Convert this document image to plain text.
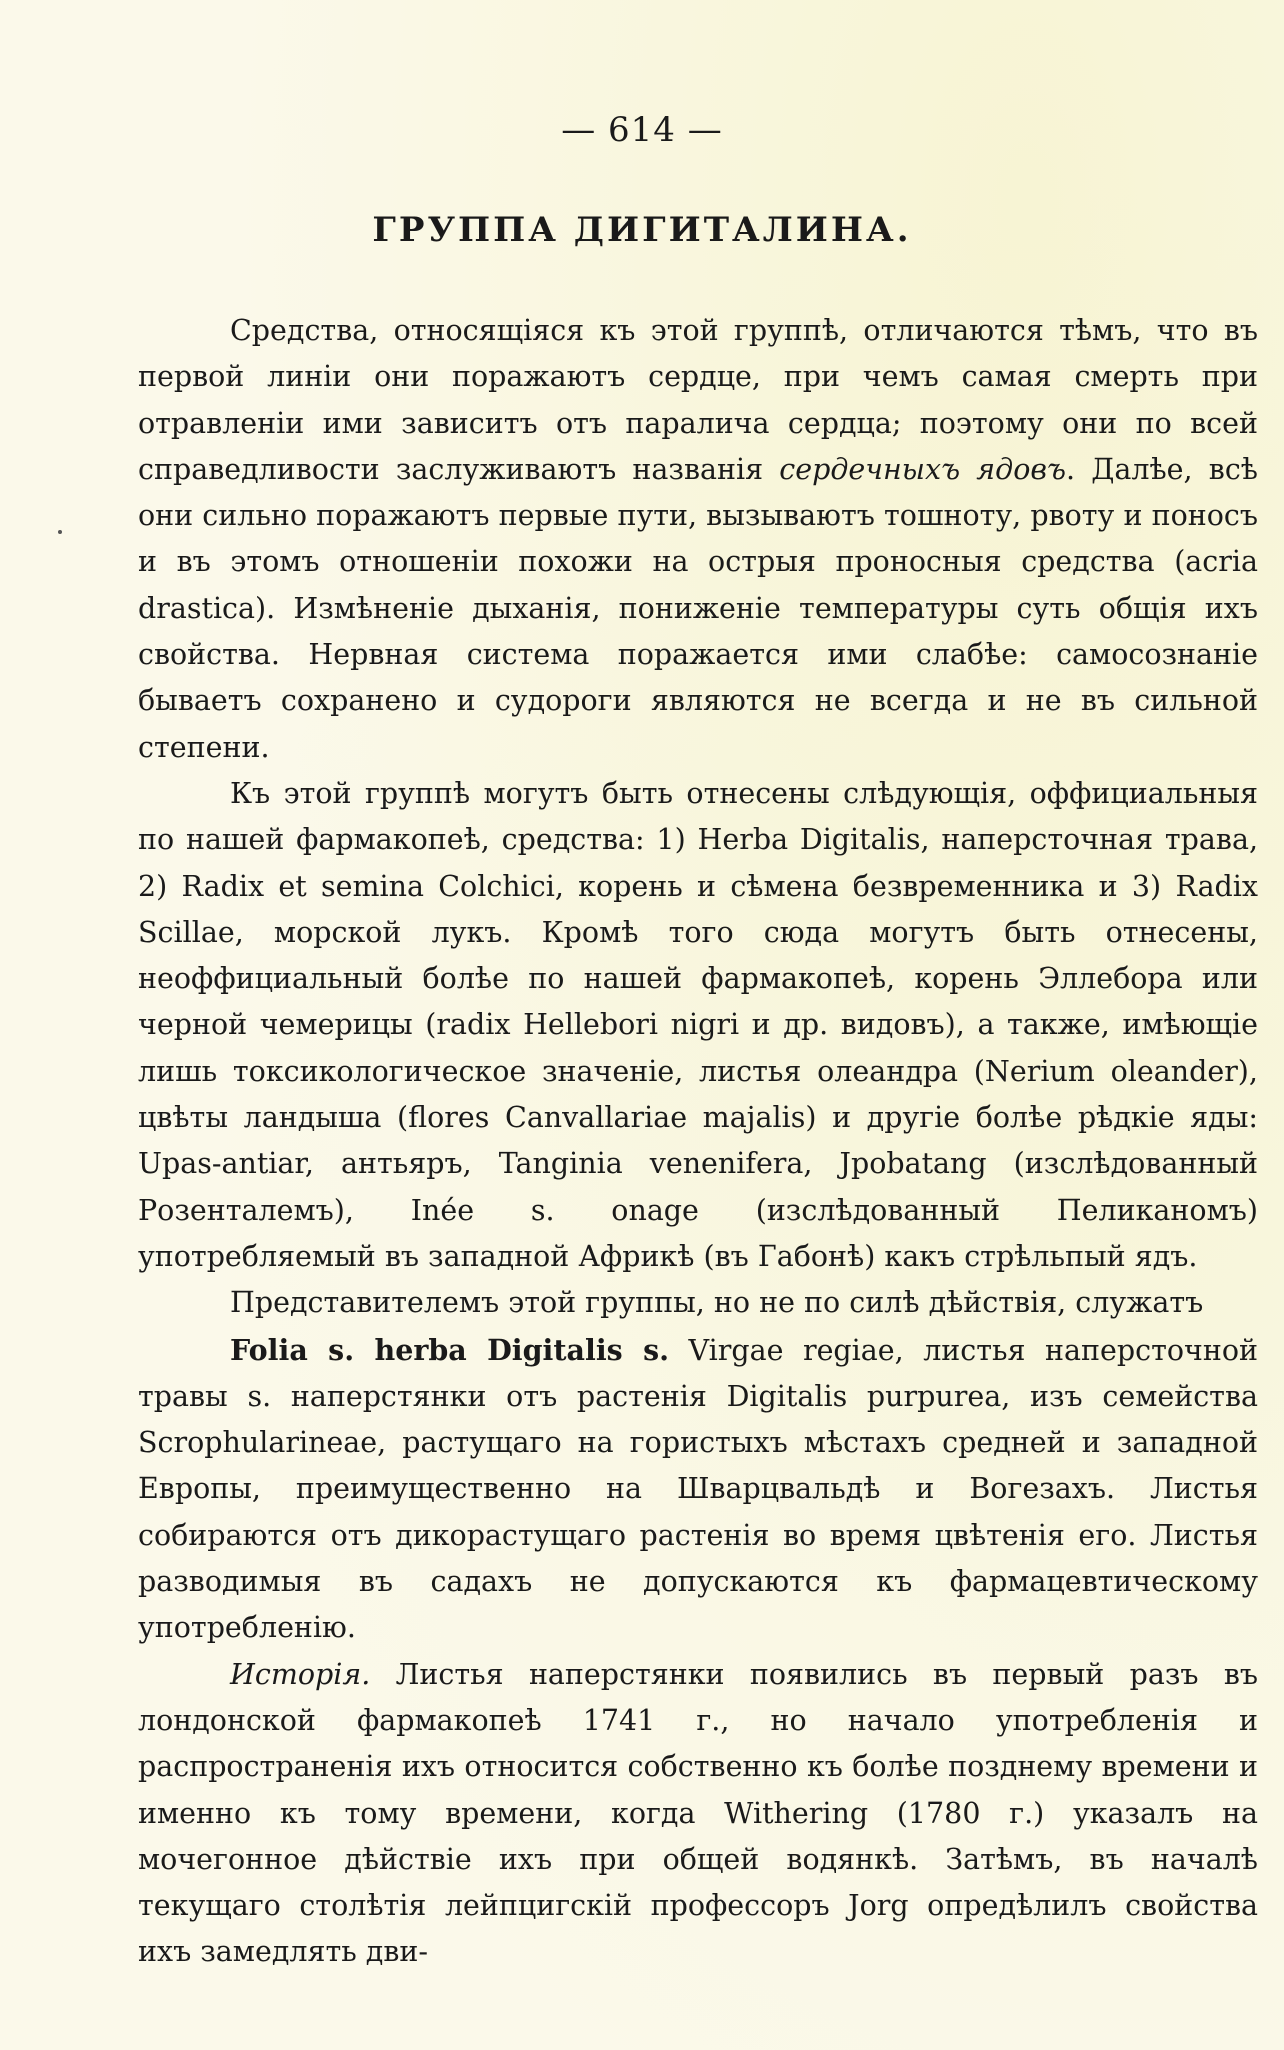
— 614 —
ГРУППА ДИГИТАЛИНА.

Средства, относящіяся къ этой группѣ, отличаются тѣмъ, что въ первой линіи они поражаютъ сердце, при чемъ самая смерть при отравленіи ими зависитъ отъ паралича сердца; поэтому они по всей справедливости заслуживаютъ названія сердечныхъ ядовъ. Далѣе, всѣ они сильно поражаютъ первые пути, вызываютъ тошноту, рвоту и поносъ и въ этомъ отношеніи похожи на острыя проносныя средства (acria drastica). Измѣненіе дыханія, пониженіе температуры суть общія ихъ свойства. Нервная система поражается ими слабѣе: самосознаніе бываетъ сохранено и судороги являются не всегда и не въ сильной степени.

Къ этой группѣ могутъ быть отнесены слѣдующія, оффициальныя по нашей фармакопеѣ, средства: 1) Herba Digitalis, наперсточная трава, 2) Radix et semina Colchici, корень и сѣмена безвременника и 3) Radix Scillae, морской лукъ. Кромѣ того сюда могутъ быть отнесены, неоффициальный болѣе по нашей фармакопеѣ, корень Эллебора или черной чемерицы (radix Hellebori nigri и др. видовъ), а также, имѣющіе лишь токсикологическое значеніе, листья олеандра (Nerium oleander), цвѣты ландыша (flores Canvallariae majalis) и другіе болѣе рѣдкіе яды: Upas-antiar, антьяръ, Tanginia venenifera, Jpobatang (изслѣдованный Розенталемъ), Inée s. onage (изслѣдованный Пеликаномъ) употребляемый въ западной Африкѣ (въ Габонѣ) какъ стрѣльпый ядъ.

Представителемъ этой группы, но не по силѣ дѣйствія, служатъ

Folia s. herba Digitalis s. Virgae regiae, листья наперсточной травы s. наперстянки отъ растенія Digitalis purpurea, изъ семейства Scrophularineae, растущаго на гористыхъ мѣстахъ средней и западной Европы, преимущественно на Шварцвальдѣ и Вогезахъ. Листья собираются отъ дикорастущаго растенія во время цвѣтенія его. Листья разводимыя въ садахъ не допускаются къ фармацевтическому употребленію.

Исторія. Листья наперстянки появились въ первый разъ въ лондонской фармакопеѣ 1741 г., но начало употребленія и распространенія ихъ относится собственно къ болѣе позднему времени и именно къ тому времени, когда Withering (1780 г.) указалъ на мочегонное дѣйствіе ихъ при общей водянкѣ. Затѣмъ, въ началѣ текущаго столѣтія лейпцигскій профессоръ Jorg опредѣлилъ свойства ихъ замедлять дви-
